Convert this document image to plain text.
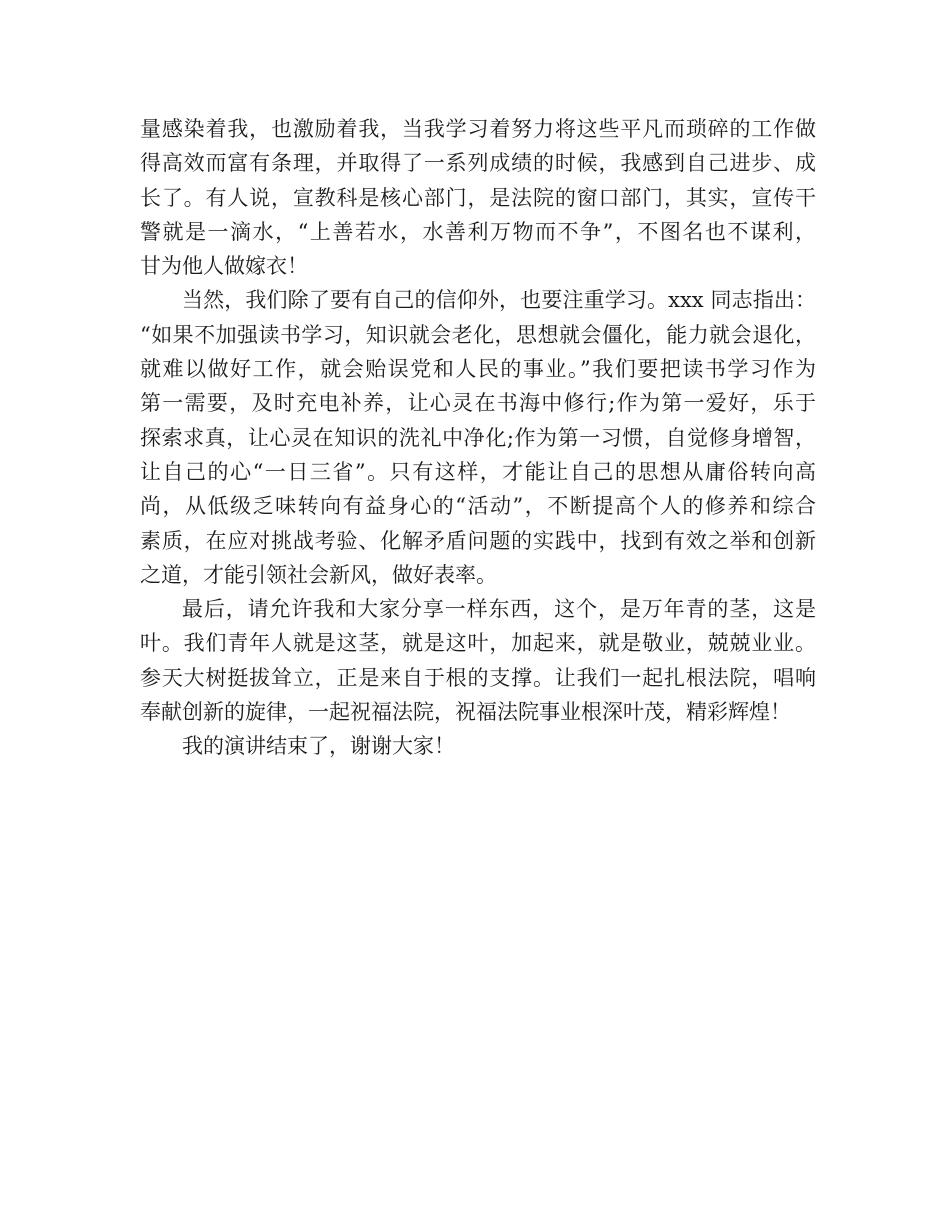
量感染着我，也激励着我，当我学习着努力将这些平凡而琐碎的工作做
得高效而富有条理，并取得了一系列成绩的时候，我感到自己进步、成
长了。有人说，宣教科是核心部门，是法院的窗口部门，其实，宣传干
警就是一滴水，“上善若水，水善利万物而不争”，不图名也不谋利，
甘为他人做嫁衣！
当然，我们除了要有自己的信仰外，也要注重学习。xxx 同志指出：
“如果不加强读书学习，知识就会老化，思想就会僵化，能力就会退化，
就难以做好工作，就会贻误党和人民的事业。”我们要把读书学习作为
第一需要，及时充电补养，让心灵在书海中修行;作为第一爱好，乐于
探索求真，让心灵在知识的洗礼中净化;作为第一习惯，自觉修身增智，
让自己的心“一日三省”。只有这样，才能让自己的思想从庸俗转向高
尚，从低级乏味转向有益身心的“活动”，不断提高个人的修养和综合
素质，在应对挑战考验、化解矛盾问题的实践中，找到有效之举和创新
之道，才能引领社会新风，做好表率。
最后，请允许我和大家分享一样东西，这个，是万年青的茎，这是
叶。我们青年人就是这茎，就是这叶，加起来，就是敬业，兢兢业业。
参天大树挺拔耸立，正是来自于根的支撑。让我们一起扎根法院，唱响
奉献创新的旋律，一起祝福法院，祝福法院事业根深叶茂，精彩辉煌！
我的演讲结束了，谢谢大家！
